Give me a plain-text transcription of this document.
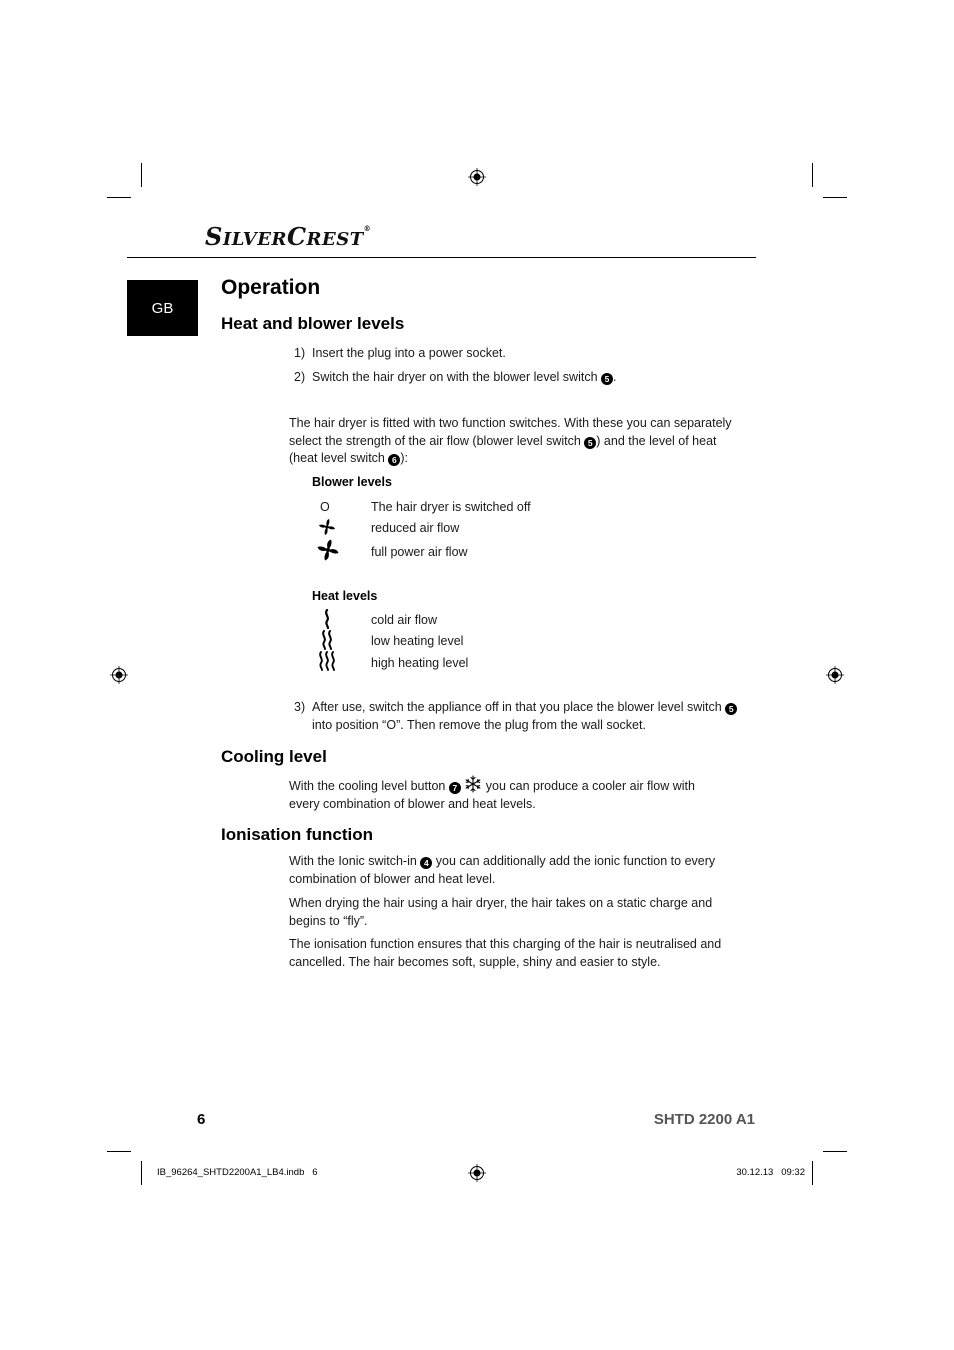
SILVERCREST®
GB
Operation
Heat and blower levels
1) Insert the plug into a power socket.
2) Switch the hair dryer on with the blower level switch 5 .
The hair dryer is fitted with two function switches. With these you can separately
select the strength of the air flow (blower level switch 5 ) and the level of heat
(heat level switch 6 ):
Blower levels
O	The hair dryer is switched off
reduced air flow
full power air flow
Heat levels
cold air flow
low heating level
high heating level
3) After use, switch the appliance off in that you place the blower level switch 5
into position “O”. Then remove the plug from the wall socket.
Cooling level
With the cooling level button 7 you can produce a cooler air flow with
every combination of blower and heat levels.
Ionisation function
With the Ionic switch-in 4 you can additionally add the ionic function to every
combination of blower and heat level.
When drying the hair using a hair dryer, the hair takes on a static charge and
begins to “fly”.
The ionisation function ensures that this charging of the hair is neutralised and
cancelled. The hair becomes soft, supple, shiny and easier to style.
6	SHTD 2200 A1
IB_96264_SHTD2200A1_LB4.indb   6	30.12.13   09:32
